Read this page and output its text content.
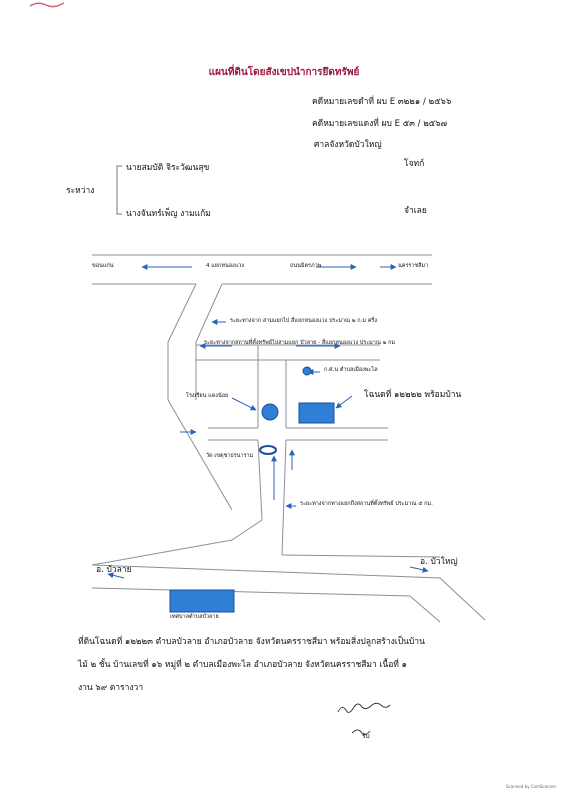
แผนที่ดินโดยสังเขปนำการยึดทรัพย์
คดีหมายเลขดำที่ ผบ E ๓๒๒๑ / ๒๕๖๖
คดีหมายเลขแดงที่ ผบ E ๕๓ / ๒๕๖๗
ศาลจังหวัดบัวใหญ่
นายสมบัติ จิระวัฒนสุข	โจทก์
ระหว่าง
นางจันทร์เพ็ญ งามแก้ม	จำเลย
ขอนแก่น	4 แยกหนองแวง	ถนนมิตรภาพ	นครราชสีมา
ระยะทางจาก สามแยกไป สี่แยกหนองแวง ประมาณ ๒ ก.ม ครึ่ง
ระยะทางจากสถานที่ตั้งทรัพย์ไปสามแยก บัวลาย - สี่แยกหนองแวง ประมาณ ๒ กม
ก.ศ.น ตำบลเมืองพะไล
โรงเรียน แดงน้อย	โฉนดที่ ๑๒๒๒๒ พร้อมบ้าน
วัด เขตุชาธรนาราม
ระยะทางจากทางแยกถึงสถานที่ตั้งทรัพย์ ประมาณ ๕ กม.
อ. บัวลาย
อ. บัวใหญ่
เทศบาลตำบลบัวลาย
ที่ดินโฉนดที่ ๑๒๒๒๓ ตำบลบัวลาย อำเภอบัวลาย จังหวัดนครราชสีมา พร้อมสิ่งปลูกสร้างเป็นบ้าน
ไม้ ๒ ชั้น บ้านเลขที่ ๑๖ หมู่ที่ ๒ ตำบลเมืองพะไล อำเภอบัวลาย จังหวัดนครราชสีมา เนื้อที่ ๑
งาน ๖๙ ตารางวา
รับ
Scanned by CamScanner
